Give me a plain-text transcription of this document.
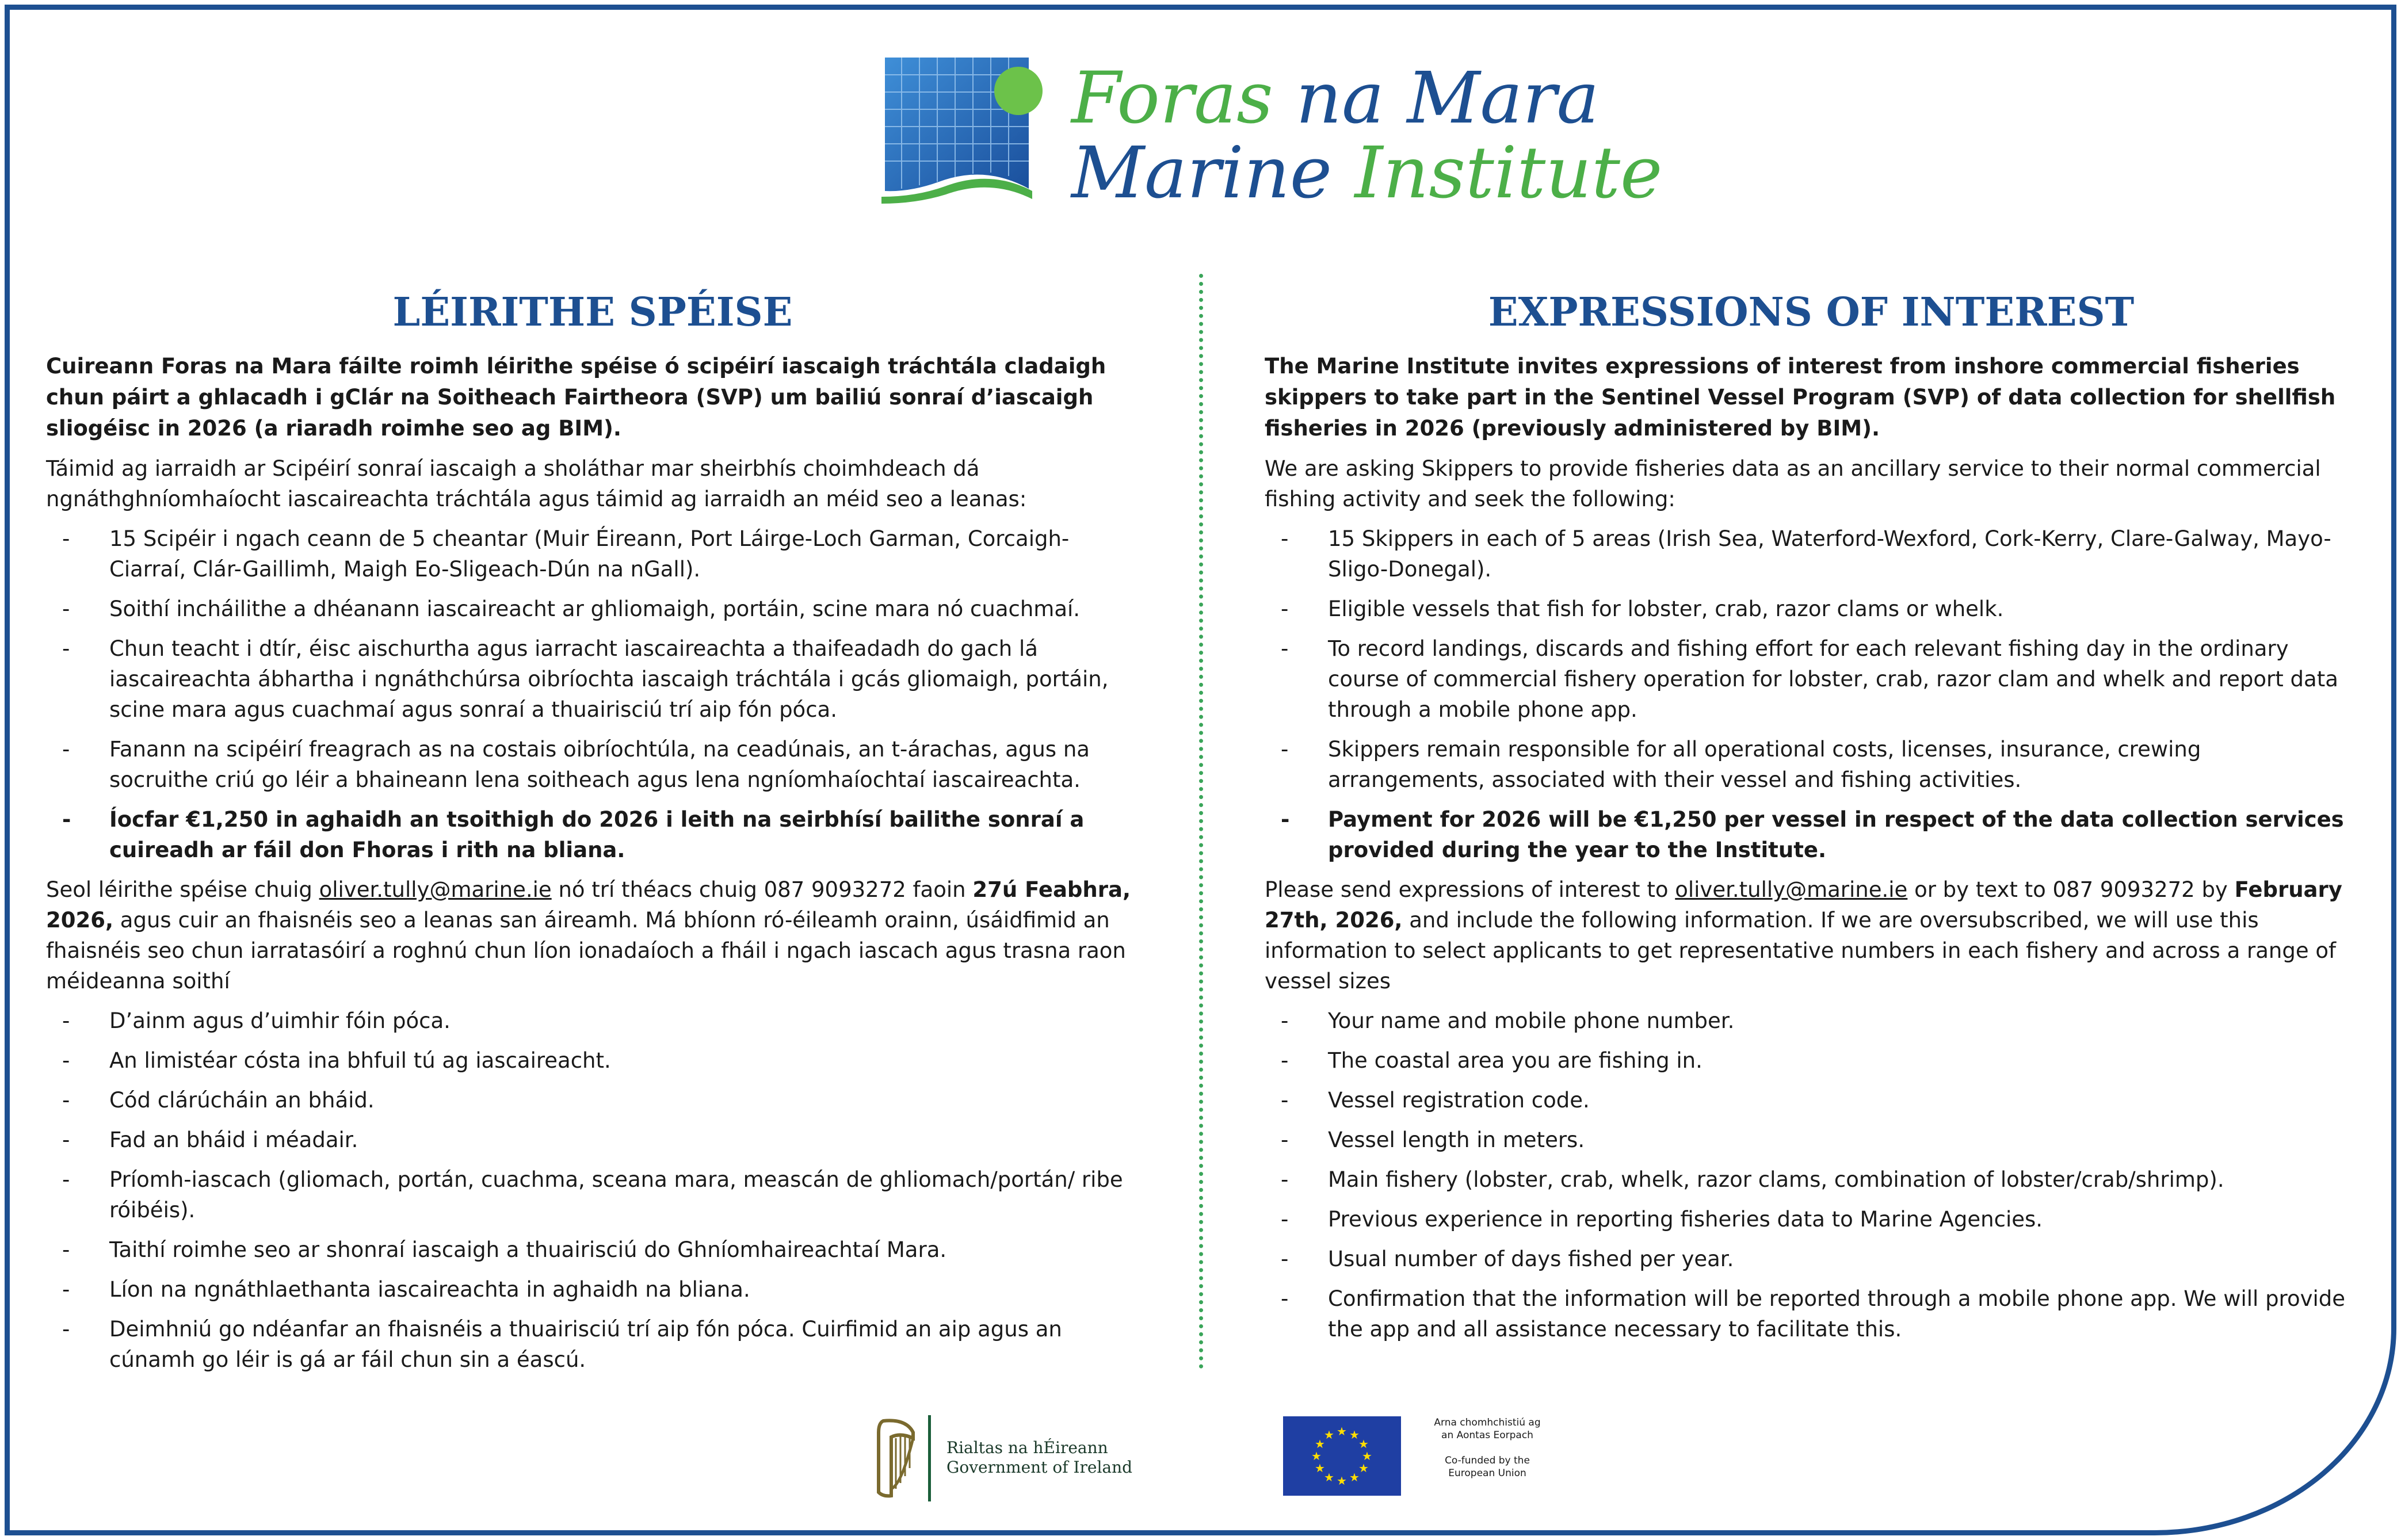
Foras na Mara
Marine Institute
LÉIRITHE SPÉISE

Cuireann Foras na Mara fáilte roimh léirithe spéise ó scipéirí iascaigh tráchtála cladaigh chun páirt a ghlacadh i gClár na Soitheach Fairtheora (SVP) um bailiú sonraí d’iascaigh sliogéisc in 2026 (a riaradh roimhe seo ag BIM).

Táimid ag iarraidh ar Scipéirí sonraí iascaigh a sholáthar mar sheirbhís choimhdeach dá ngnáthghníomhaíocht iascaireachta tráchtála agus táimid ag iarraidh an méid seo a leanas:

- 15 Scipéir i ngach ceann de 5 cheantar (Muir Éireann, Port Láirge-Loch Garman, Corcaigh-Ciarraí, Clár-Gaillimh, Maigh Eo-Sligeach-Dún na nGall).
- Soithí incháilithe a dhéanann iascaireacht ar ghliomaigh, portáin, scine mara nó cuachmaí.
- Chun teacht i dtír, éisc aischurtha agus iarracht iascaireachta a thaifeadadh do gach lá iascaireachta ábhartha i ngnáthchúrsa oibríochta iascaigh tráchtála i gcás gliomaigh, portáin, scine mara agus cuachmaí agus sonraí a thuairisciú trí aip fón póca.
- Fanann na scipéirí freagrach as na costais oibríochtúla, na ceadúnais, an t-árachas, agus na socruithe criú go léir a bhaineann lena soitheach agus lena ngníomhaíochtaí iascaireachta.
- Íocfar €1,250 in aghaidh an tsoithigh do 2026 i leith na seirbhísí bailithe sonraí a cuireadh ar fáil don Fhoras i rith na bliana.

Seol léirithe spéise chuig oliver.tully@marine.ie nó trí théacs chuig 087 9093272 faoin 27ú Feabhra, 2026, agus cuir an fhaisnéis seo a leanas san áireamh. Má bhíonn ró-éileamh orainn, úsáidfimid an fhaisnéis seo chun iarratasóirí a roghnú chun líon ionadaíoch a fháil i ngach iascach agus trasna raon méideanna soithí

- D’ainm agus d’uimhir fóin póca.
- An limistéar cósta ina bhfuil tú ag iascaireacht.
- Cód clárúcháin an bháid.
- Fad an bháid i méadair.
- Príomh-iascach (gliomach, portán, cuachma, sceana mara, meascán de ghliomach/portán/ ribe róibéis).
- Taithí roimhe seo ar shonraí iascaigh a thuairisciú do Ghníomhaireachtaí Mara.
- Líon na ngnáthlaethanta iascaireachta in aghaidh na bliana.
- Deimhniú go ndéanfar an fhaisnéis a thuairisciú trí aip fón póca. Cuirfimid an aip agus an cúnamh go léir is gá ar fáil chun sin a éascú.
EXPRESSIONS OF INTEREST

The Marine Institute invites expressions of interest from inshore commercial fisheries skippers to take part in the Sentinel Vessel Program (SVP) of data collection for shellfish fisheries in 2026 (previously administered by BIM).

We are asking Skippers to provide fisheries data as an ancillary service to their normal commercial fishing activity and seek the following:

- 15 Skippers in each of 5 areas (Irish Sea, Waterford-Wexford, Cork-Kerry, Clare-Galway, Mayo-Sligo-Donegal).
- Eligible vessels that fish for lobster, crab, razor clams or whelk.
- To record landings, discards and fishing effort for each relevant fishing day in the ordinary course of commercial fishery operation for lobster, crab, razor clam and whelk and report data through a mobile phone app.
- Skippers remain responsible for all operational costs, licenses, insurance, crewing arrangements, associated with their vessel and fishing activities.
- Payment for 2026 will be €1,250 per vessel in respect of the data collection services provided during the year to the Institute.

Please send expressions of interest to oliver.tully@marine.ie or by text to 087 9093272 by February 27th, 2026, and include the following information. If we are oversubscribed, we will use this information to select applicants to get representative numbers in each fishery and across a range of vessel sizes

- Your name and mobile phone number.
- The coastal area you are fishing in.
- Vessel registration code.
- Vessel length in meters.
- Main fishery (lobster, crab, whelk, razor clams, combination of lobster/crab/shrimp).
- Previous experience in reporting fisheries data to Marine Agencies.
- Usual number of days fished per year.
- Confirmation that the information will be reported through a mobile phone app. We will provide the app and all assistance necessary to facilitate this.
Rialtas na hÉireann
Government of Ireland
★ ★
★
★
★
★
★
★
★
★
★
★
Arna chomhchistiú ag
an Aontas Eorpach
Co-funded by the
European Union
